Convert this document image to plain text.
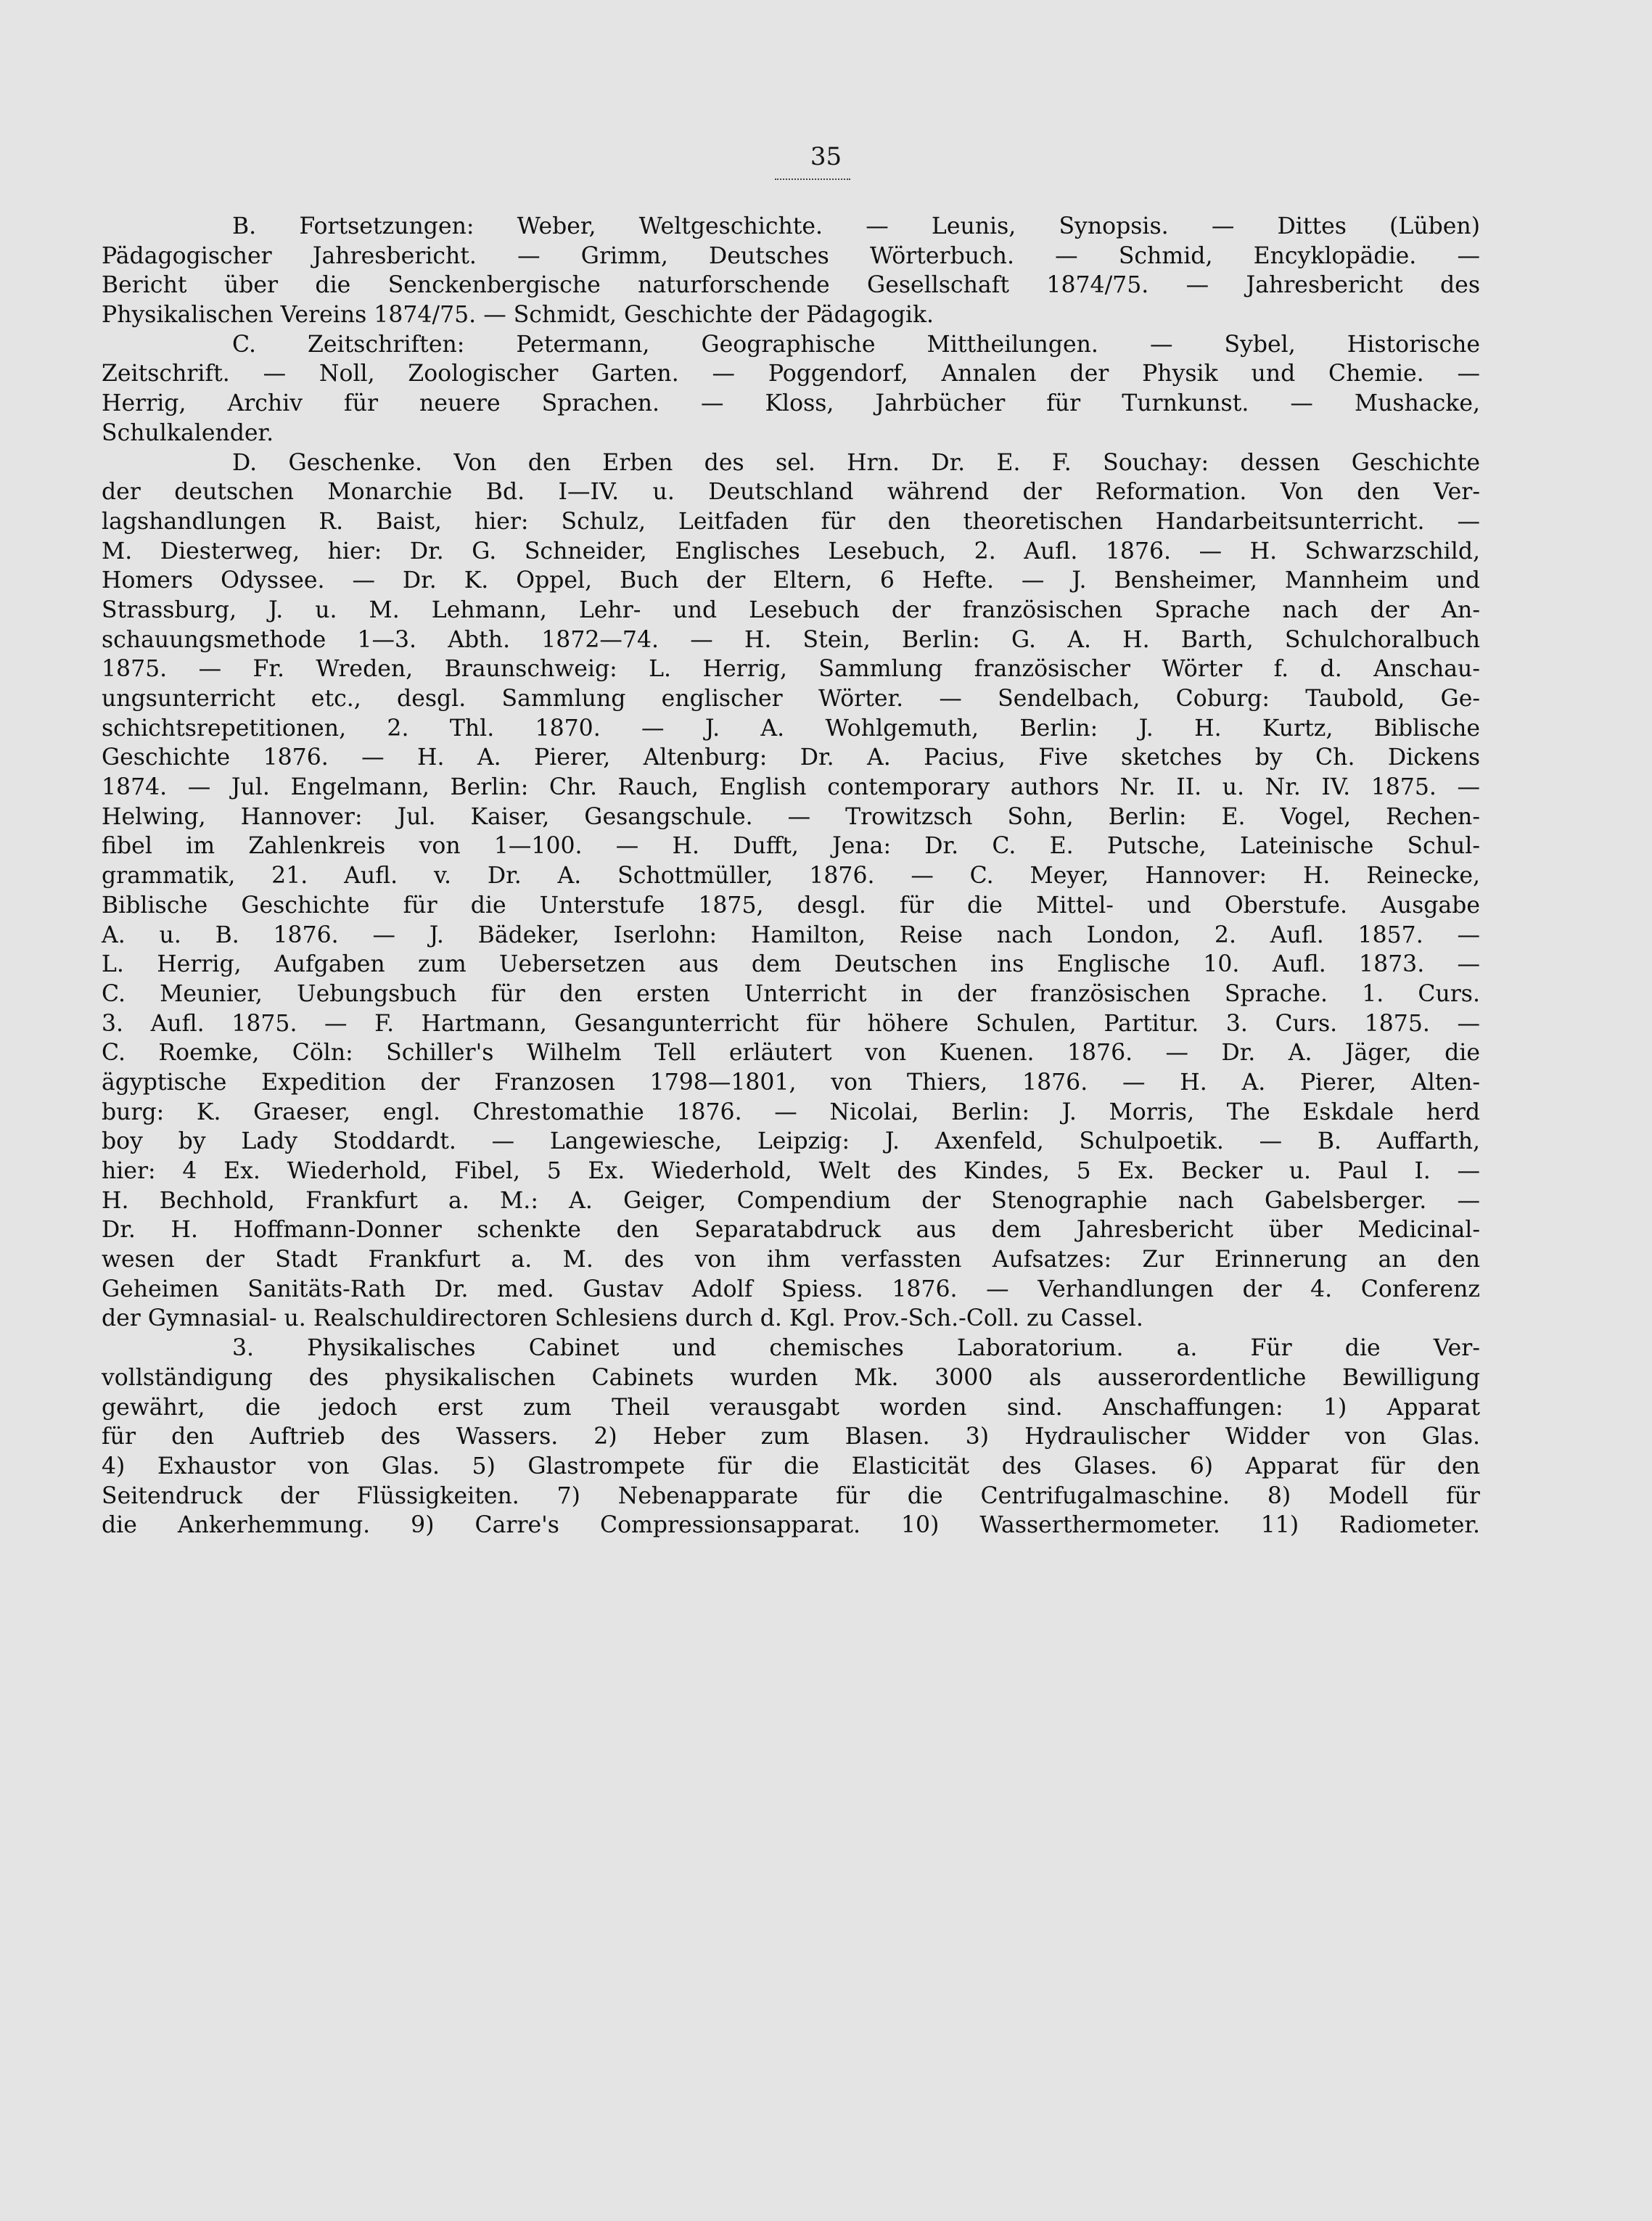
35
B. Fortsetzungen: Weber, Weltgeschichte. — Leunis, Synopsis. — Dittes (Lüben)
Pädagogischer Jahresbericht. — Grimm, Deutsches Wörterbuch. — Schmid, Encyklopädie. —
Bericht über die Senckenbergische naturforschende Gesellschaft 1874/75. — Jahresbericht des
Physikalischen Vereins 1874/75. — Schmidt, Geschichte der Pädagogik.
C. Zeitschriften: Petermann, Geographische Mittheilungen. — Sybel, Historische
Zeitschrift. — Noll, Zoologischer Garten. — Poggendorf, Annalen der Physik und Chemie. —
Herrig, Archiv für neuere Sprachen. — Kloss, Jahrbücher für Turnkunst. — Mushacke,
Schulkalender.
D. Geschenke. Von den Erben des sel. Hrn. Dr. E. F. Souchay: dessen Geschichte
der deutschen Monarchie Bd. I—IV. u. Deutschland während der Reformation. Von den Ver-
lagshandlungen R. Baist, hier: Schulz, Leitfaden für den theoretischen Handarbeitsunterricht. —
M. Diesterweg, hier: Dr. G. Schneider, Englisches Lesebuch, 2. Aufl. 1876. — H. Schwarzschild,
Homers Odyssee. — Dr. K. Oppel, Buch der Eltern, 6 Hefte. — J. Bensheimer, Mannheim und
Strassburg, J. u. M. Lehmann, Lehr- und Lesebuch der französischen Sprache nach der An-
schauungsmethode 1—3. Abth. 1872—74. — H. Stein, Berlin: G. A. H. Barth, Schulchoralbuch
1875. — Fr. Wreden, Braunschweig: L. Herrig, Sammlung französischer Wörter f. d. Anschau-
ungsunterricht etc., desgl. Sammlung englischer Wörter. — Sendelbach, Coburg: Taubold, Ge-
schichtsrepetitionen, 2. Thl. 1870. — J. A. Wohlgemuth, Berlin: J. H. Kurtz, Biblische
Geschichte 1876. — H. A. Pierer, Altenburg: Dr. A. Pacius, Five sketches by Ch. Dickens
1874. — Jul. Engelmann, Berlin: Chr. Rauch, English contemporary authors Nr. II. u. Nr. IV. 1875. —
Helwing, Hannover: Jul. Kaiser, Gesangschule. — Trowitzsch Sohn, Berlin: E. Vogel, Rechen-
fibel im Zahlenkreis von 1—100. — H. Dufft, Jena: Dr. C. E. Putsche, Lateinische Schul-
grammatik, 21. Aufl. v. Dr. A. Schottmüller, 1876. — C. Meyer, Hannover: H. Reinecke,
Biblische Geschichte für die Unterstufe 1875, desgl. für die Mittel- und Oberstufe. Ausgabe
A. u. B. 1876. — J. Bädeker, Iserlohn: Hamilton, Reise nach London, 2. Aufl. 1857. —
L. Herrig, Aufgaben zum Uebersetzen aus dem Deutschen ins Englische 10. Aufl. 1873. —
C. Meunier, Uebungsbuch für den ersten Unterricht in der französischen Sprache. 1. Curs.
3. Aufl. 1875. — F. Hartmann, Gesangunterricht für höhere Schulen, Partitur. 3. Curs. 1875. —
C. Roemke, Cöln: Schiller's Wilhelm Tell erläutert von Kuenen. 1876. — Dr. A. Jäger, die
ägyptische Expedition der Franzosen 1798—1801, von Thiers, 1876. — H. A. Pierer, Alten-
burg: K. Graeser, engl. Chrestomathie 1876. — Nicolai, Berlin: J. Morris, The Eskdale herd
boy by Lady Stoddardt. — Langewiesche, Leipzig: J. Axenfeld, Schulpoetik. — B. Auffarth,
hier: 4 Ex. Wiederhold, Fibel, 5 Ex. Wiederhold, Welt des Kindes, 5 Ex. Becker u. Paul I. —
H. Bechhold, Frankfurt a. M.: A. Geiger, Compendium der Stenographie nach Gabelsberger. —
Dr. H. Hoffmann-Donner schenkte den Separatabdruck aus dem Jahresbericht über Medicinal-
wesen der Stadt Frankfurt a. M. des von ihm verfassten Aufsatzes: Zur Erinnerung an den
Geheimen Sanitäts-Rath Dr. med. Gustav Adolf Spiess. 1876. — Verhandlungen der 4. Conferenz
der Gymnasial- u. Realschuldirectoren Schlesiens durch d. Kgl. Prov.-Sch.-Coll. zu Cassel.
3. Physikalisches Cabinet und chemisches Laboratorium. a. Für die Ver-
vollständigung des physikalischen Cabinets wurden Mk. 3000 als ausserordentliche Bewilligung
gewährt, die jedoch erst zum Theil verausgabt worden sind. Anschaffungen: 1) Apparat
für den Auftrieb des Wassers. 2) Heber zum Blasen. 3) Hydraulischer Widder von Glas.
4) Exhaustor von Glas. 5) Glastrompete für die Elasticität des Glases. 6) Apparat für den
Seitendruck der Flüssigkeiten. 7) Nebenapparate für die Centrifugalmaschine. 8) Modell für
die Ankerhemmung. 9) Carre's Compressionsapparat. 10) Wasserthermometer. 11) Radiometer.
